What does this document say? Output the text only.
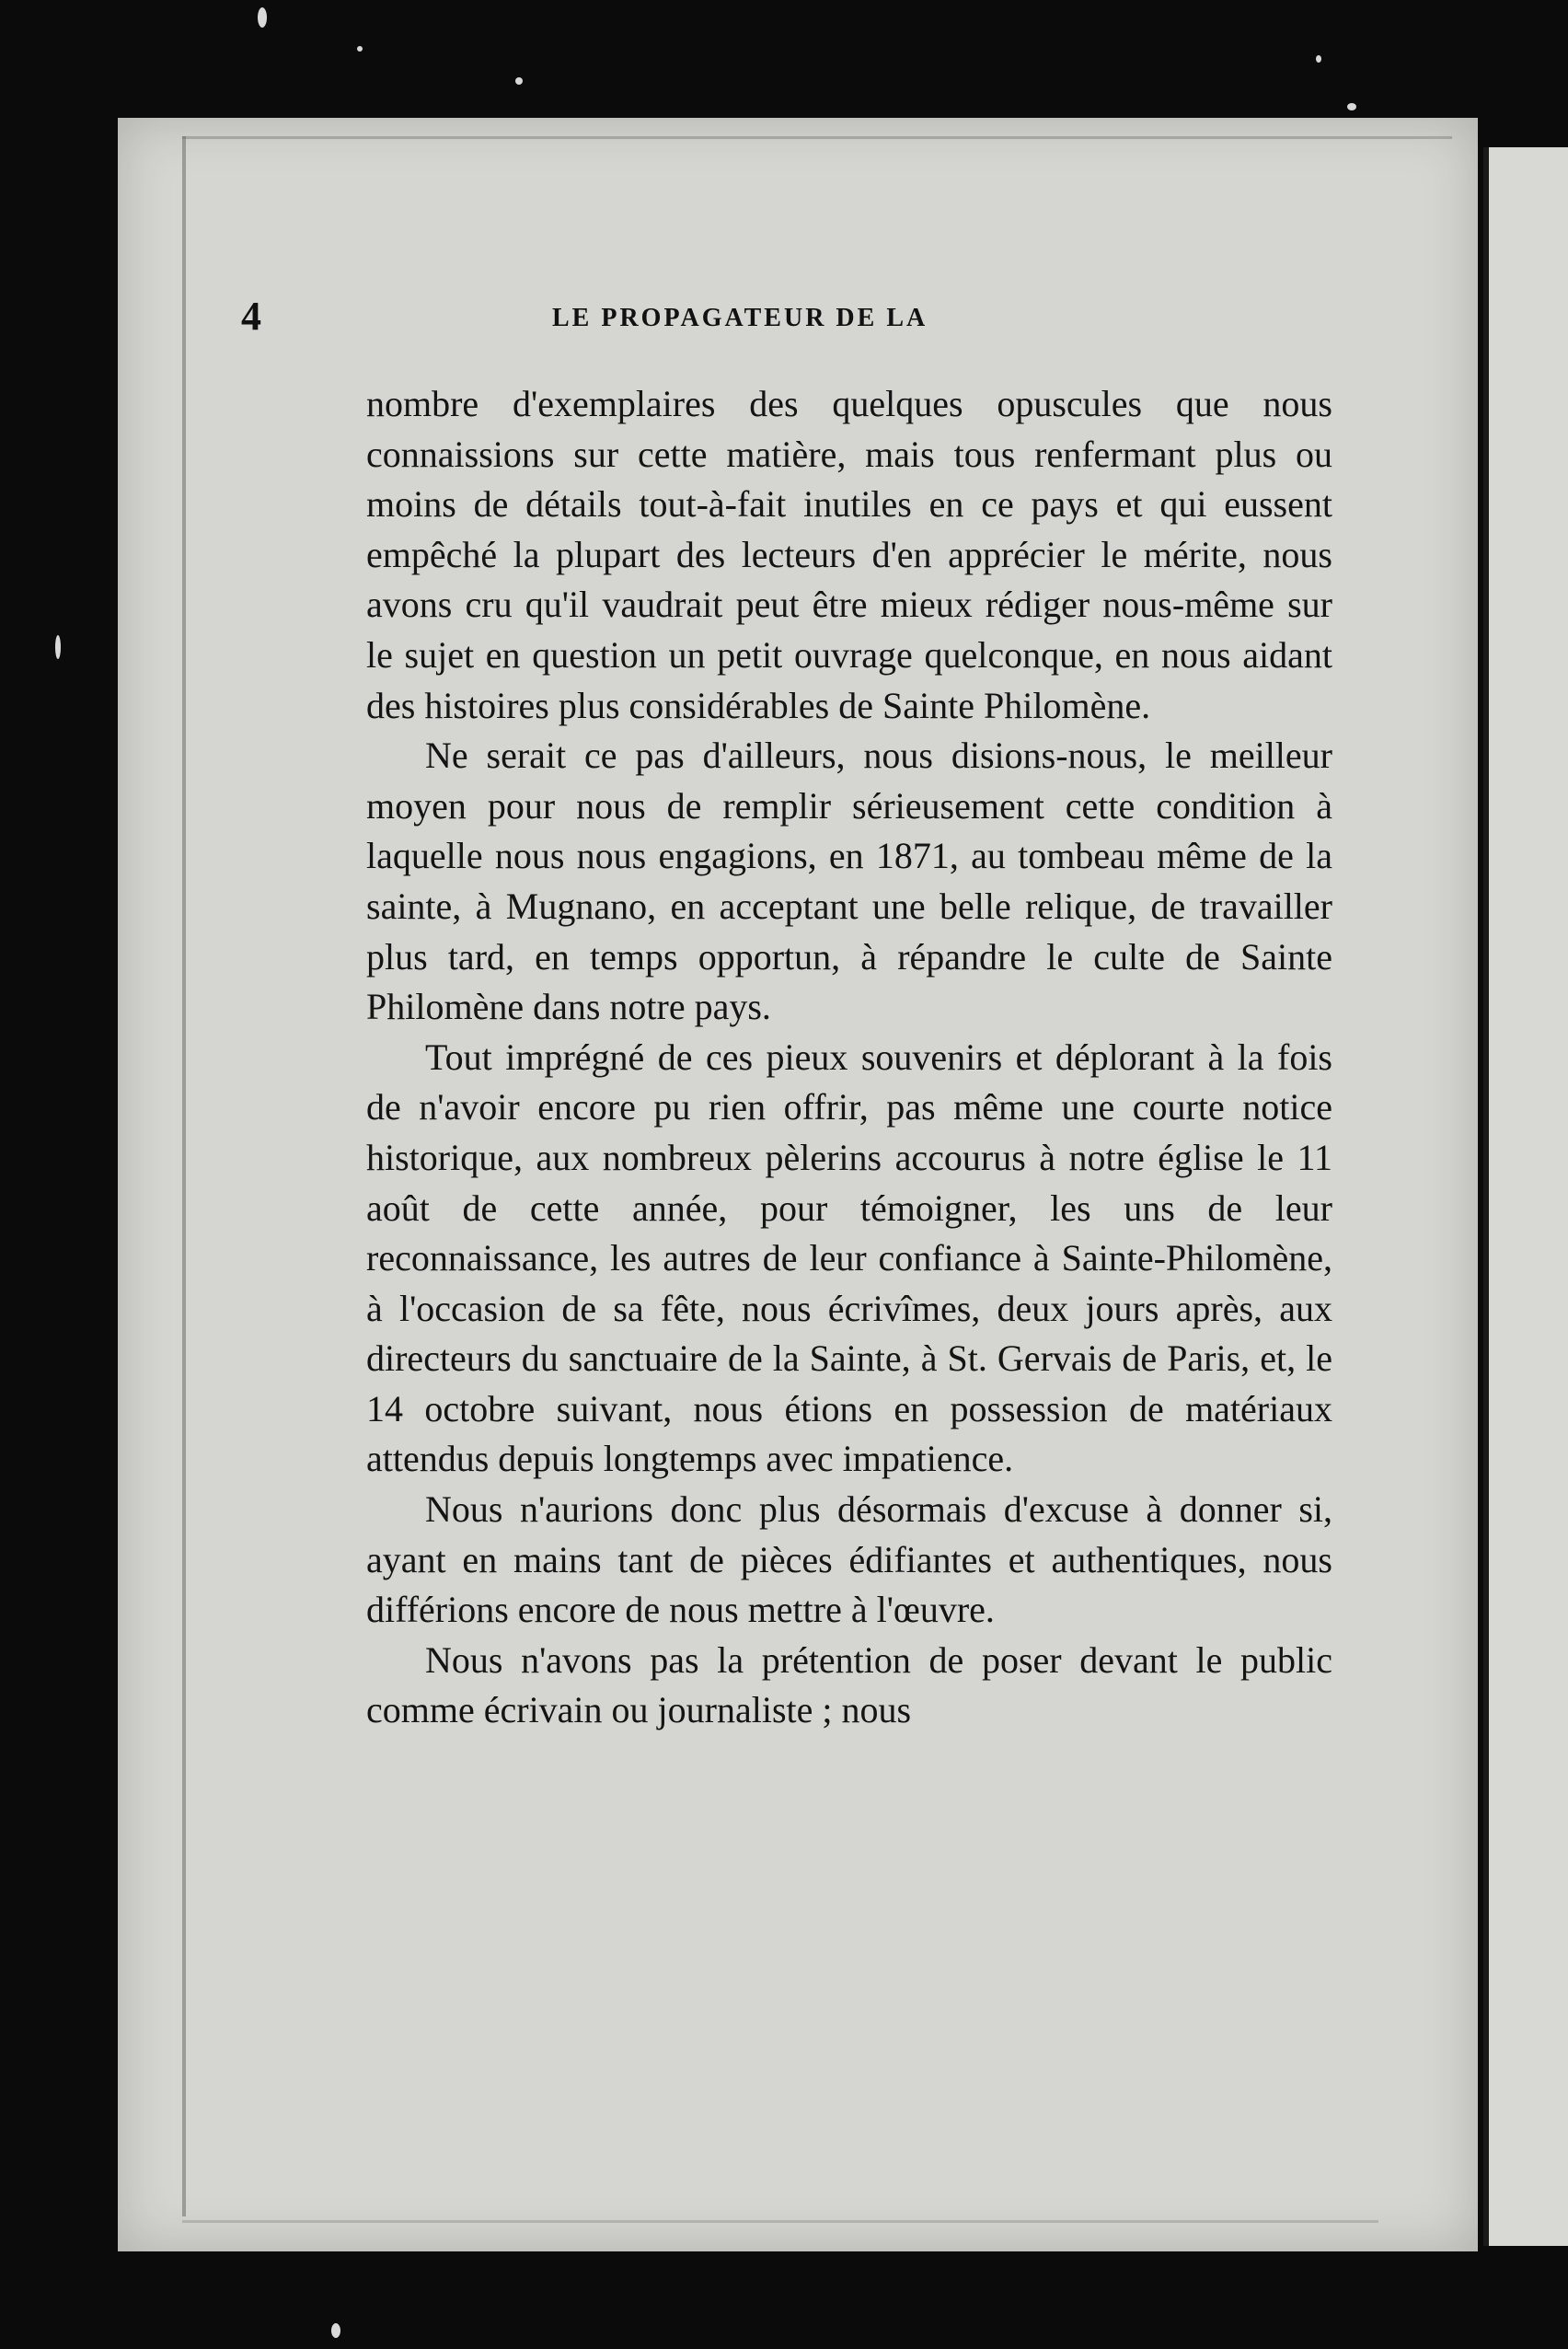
4	LE PROPAGATEUR DE LA

nombre d'exemplaires des quelques opuscules que nous connaissions sur cette matière, mais tous renfermant plus ou moins de détails tout-à-fait inutiles en ce pays et qui eussent empêché la plupart des lecteurs d'en apprécier le mérite, nous avons cru qu'il vaudrait peut être mieux rédiger nous-même sur le sujet en question un petit ouvrage quelconque, en nous aidant des histoires plus considérables de Sainte Philomène.

Ne serait ce pas d'ailleurs, nous disions-nous, le meilleur moyen pour nous de remplir sérieusement cette condition à laquelle nous nous engagions, en 1871, au tombeau même de la sainte, à Mugnano, en acceptant une belle relique, de travailler plus tard, en temps opportun, à répandre le culte de Sainte Philomène dans notre pays.

Tout imprégné de ces pieux souvenirs et déplorant à la fois de n'avoir encore pu rien offrir, pas même une courte notice historique, aux nombreux pèlerins accourus à notre église le 11 août de cette année, pour témoigner, les uns de leur reconnaissance, les autres de leur confiance à Sainte-Philomène, à l'occasion de sa fête, nous écrivîmes, deux jours après, aux directeurs du sanctuaire de la Sainte, à St. Gervais de Paris, et, le 14 octobre suivant, nous étions en possession de matériaux attendus depuis longtemps avec impatience.

Nous n'aurions donc plus désormais d'excuse à donner si, ayant en mains tant de pièces édifiantes et authentiques, nous différions encore de nous mettre à l'œuvre.

Nous n'avons pas la prétention de poser devant le public comme écrivain ou journaliste ; nous
